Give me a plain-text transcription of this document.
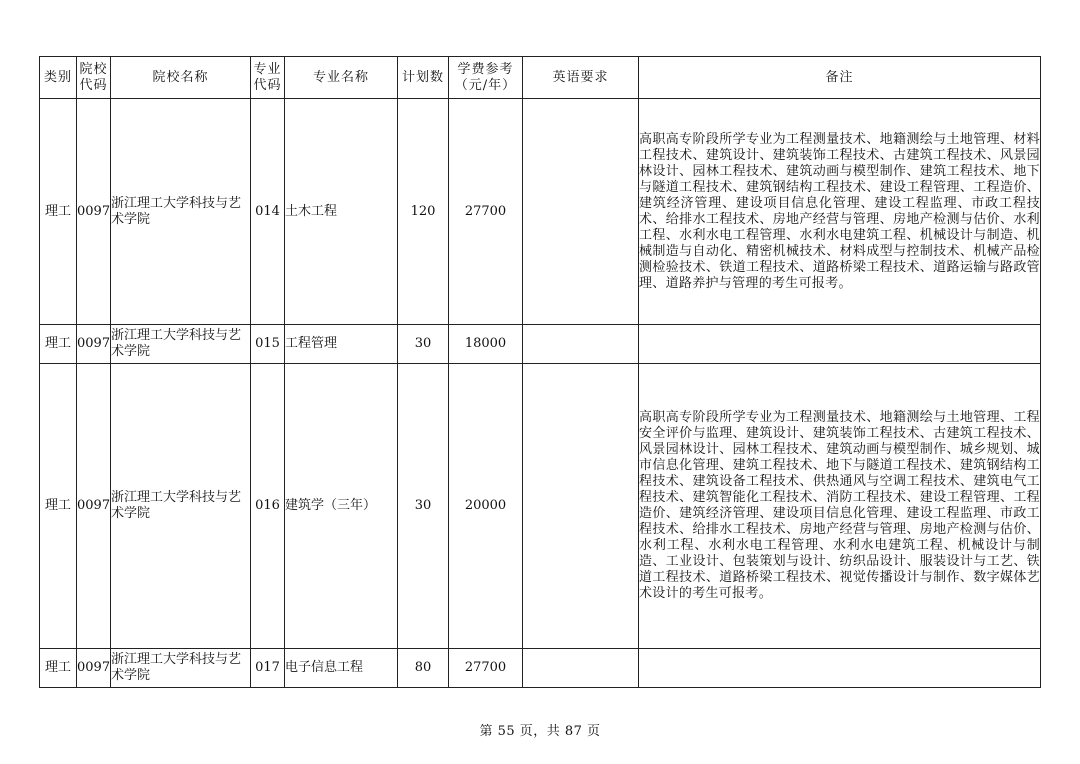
类别	院校代码	院校名称	专业代码	专业名称	计划数	学费参考（元/年）	英语要求	备注
理工	0097	浙江理工大学科技与艺术学院	014	土木工程	120	27700		高职高专阶段所学专业为工程测量技术、地籍测绘与土地管理、材料工程技术、建筑设计、建筑装饰工程技术、古建筑工程技术、风景园林设计、园林工程技术、建筑动画与模型制作、建筑工程技术、地下与隧道工程技术、建筑钢结构工程技术、建设工程管理、工程造价、建筑经济管理、建设项目信息化管理、建设工程监理、市政工程技术、给排水工程技术、房地产经营与管理、房地产检测与估价、水利工程、水利水电工程管理、水利水电建筑工程、机械设计与制造、机械制造与自动化、精密机械技术、材料成型与控制技术、机械产品检测检验技术、铁道工程技术、道路桥梁工程技术、道路运输与路政管理、道路养护与管理的考生可报考。
理工	0097	浙江理工大学科技与艺术学院	015	工程管理	30	18000		
理工	0097	浙江理工大学科技与艺术学院	016	建筑学（三年）	30	20000		高职高专阶段所学专业为工程测量技术、地籍测绘与土地管理、工程安全评价与监理、建筑设计、建筑装饰工程技术、古建筑工程技术、风景园林设计、园林工程技术、建筑动画与模型制作、城乡规划、城市信息化管理、建筑工程技术、地下与隧道工程技术、建筑钢结构工程技术、建筑设备工程技术、供热通风与空调工程技术、建筑电气工程技术、建筑智能化工程技术、消防工程技术、建设工程管理、工程造价、建筑经济管理、建设项目信息化管理、建设工程监理、市政工程技术、给排水工程技术、房地产经营与管理、房地产检测与估价、水利工程、水利水电工程管理、水利水电建筑工程、机械设计与制造、工业设计、包装策划与设计、纺织品设计、服装设计与工艺、铁道工程技术、道路桥梁工程技术、视觉传播设计与制作、数字媒体艺术设计的考生可报考。
理工	0097	浙江理工大学科技与艺术学院	017	电子信息工程	80	27700		
第 55 页，共 87 页
